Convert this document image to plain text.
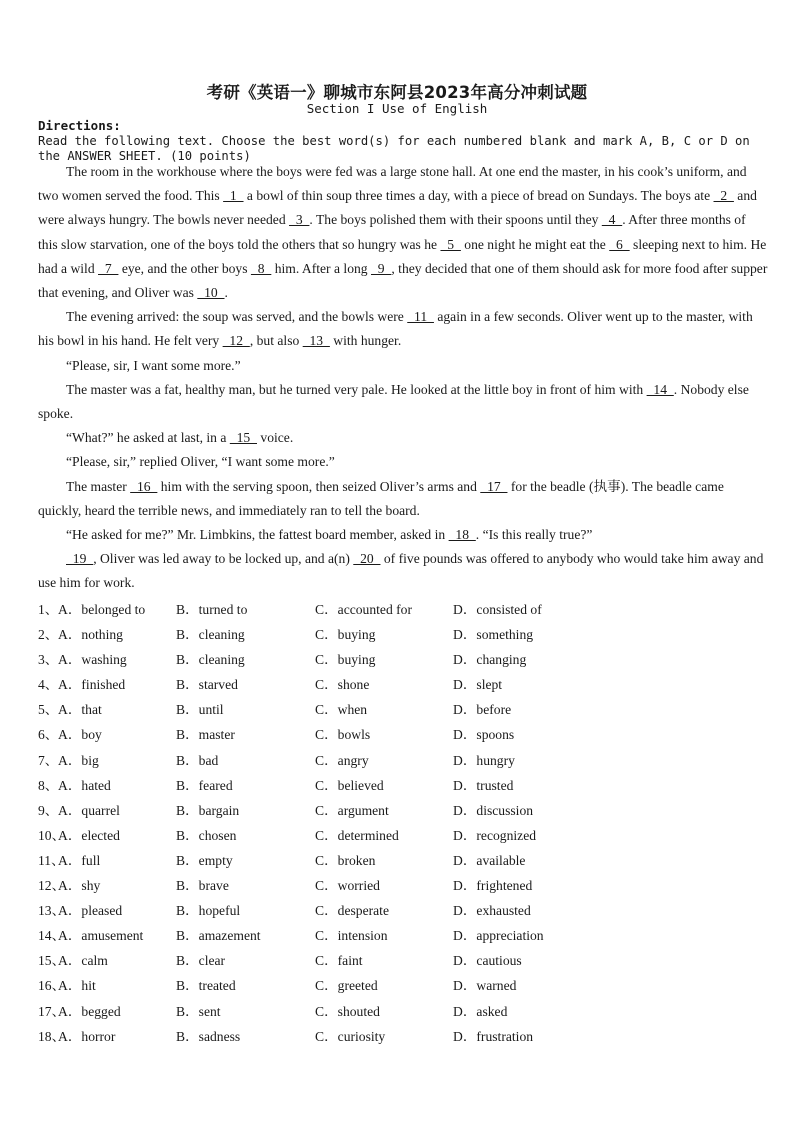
考研《英语一》聊城市东阿县2023年高分冲刺试题
Section I Use of English
Directions:
Read the following text. Choose the best word(s) for each numbered blank and mark A, B, C or D on the ANSWER SHEET. (10 points)

The room in the workhouse where the boys were fed was a large stone hall. At one end the master, in his cook’s uniform, and two women served the food. This   1   a bowl of thin soup three times a day, with a piece of bread on Sundays. The boys ate   2   and were always hungry. The bowls never needed   3  . The boys polished them with their spoons until they   4  . After three months of this slow starvation, one of the boys told the others that so hungry was he   5   one night he might eat the   6   sleeping next to him. He had a wild   7   eye, and the other boys   8   him. After a long   9  , they decided that one of them should ask for more food after supper that evening, and Oliver was   10  .

The evening arrived: the soup was served, and the bowls were   11   again in a few seconds. Oliver went up to the master, with his bowl in his hand. He felt very   12  , but also   13   with hunger.

“Please, sir, I want some more.”

The master was a fat, healthy man, but he turned very pale. He looked at the little boy in front of him with   14  . Nobody else spoke.

“What?” he asked at last, in a   15   voice.

“Please, sir,” replied Oliver, “I want some more.”

The master   16   him with the serving spoon, then seized Oliver’s arms and   17   for the beadle (执事). The beadle came quickly, heard the terrible news, and immediately ran to tell the board.

“He asked for me?” Mr. Limbkins, the fattest board member, asked in   18  . “Is this really true?”

19  , Oliver was led away to be locked up, and a(n)   20   of five pounds was offered to anybody who would take him away and use him for work.

1、 A．belonged to B．turned to	C．accounted for	D．consisted of
2、 A．nothing	B．cleaning	C．buying	D．something
3、 A．washing	B．cleaning	C．buying	D．changing
4、 A．finished	B．starved	C．shone	D．slept
5、 A．that	B．until	C．when	D．before
6、 A．boy	B．master	C．bowls	D．spoons
7、 A．big	B．bad	C．angry	D．hungry
8、 A．hated	B．feared	C．believed	D．trusted
9、 A．quarrel	B．bargain	C．argument	D．discussion
10、
A．elected	B．chosen	C．determined	D．recognized
11、
A．full	B．empty	C．broken	D．available
12、
A．shy	B．brave	C．worried	D．frightened
13、
A．pleased	B．hopeful	C．desperate	D．exhausted
14、
A．amusement B．amazement	C．intension	D．appreciation
15、
A．calm	B．clear	C．faint	D．cautious
16、
A．hit	B．treated	C．greeted	D．warned
17、
A．begged	B．sent	C．shouted	D．asked
18、
A．horror	B．sadness	C．curiosity	D．frustration
